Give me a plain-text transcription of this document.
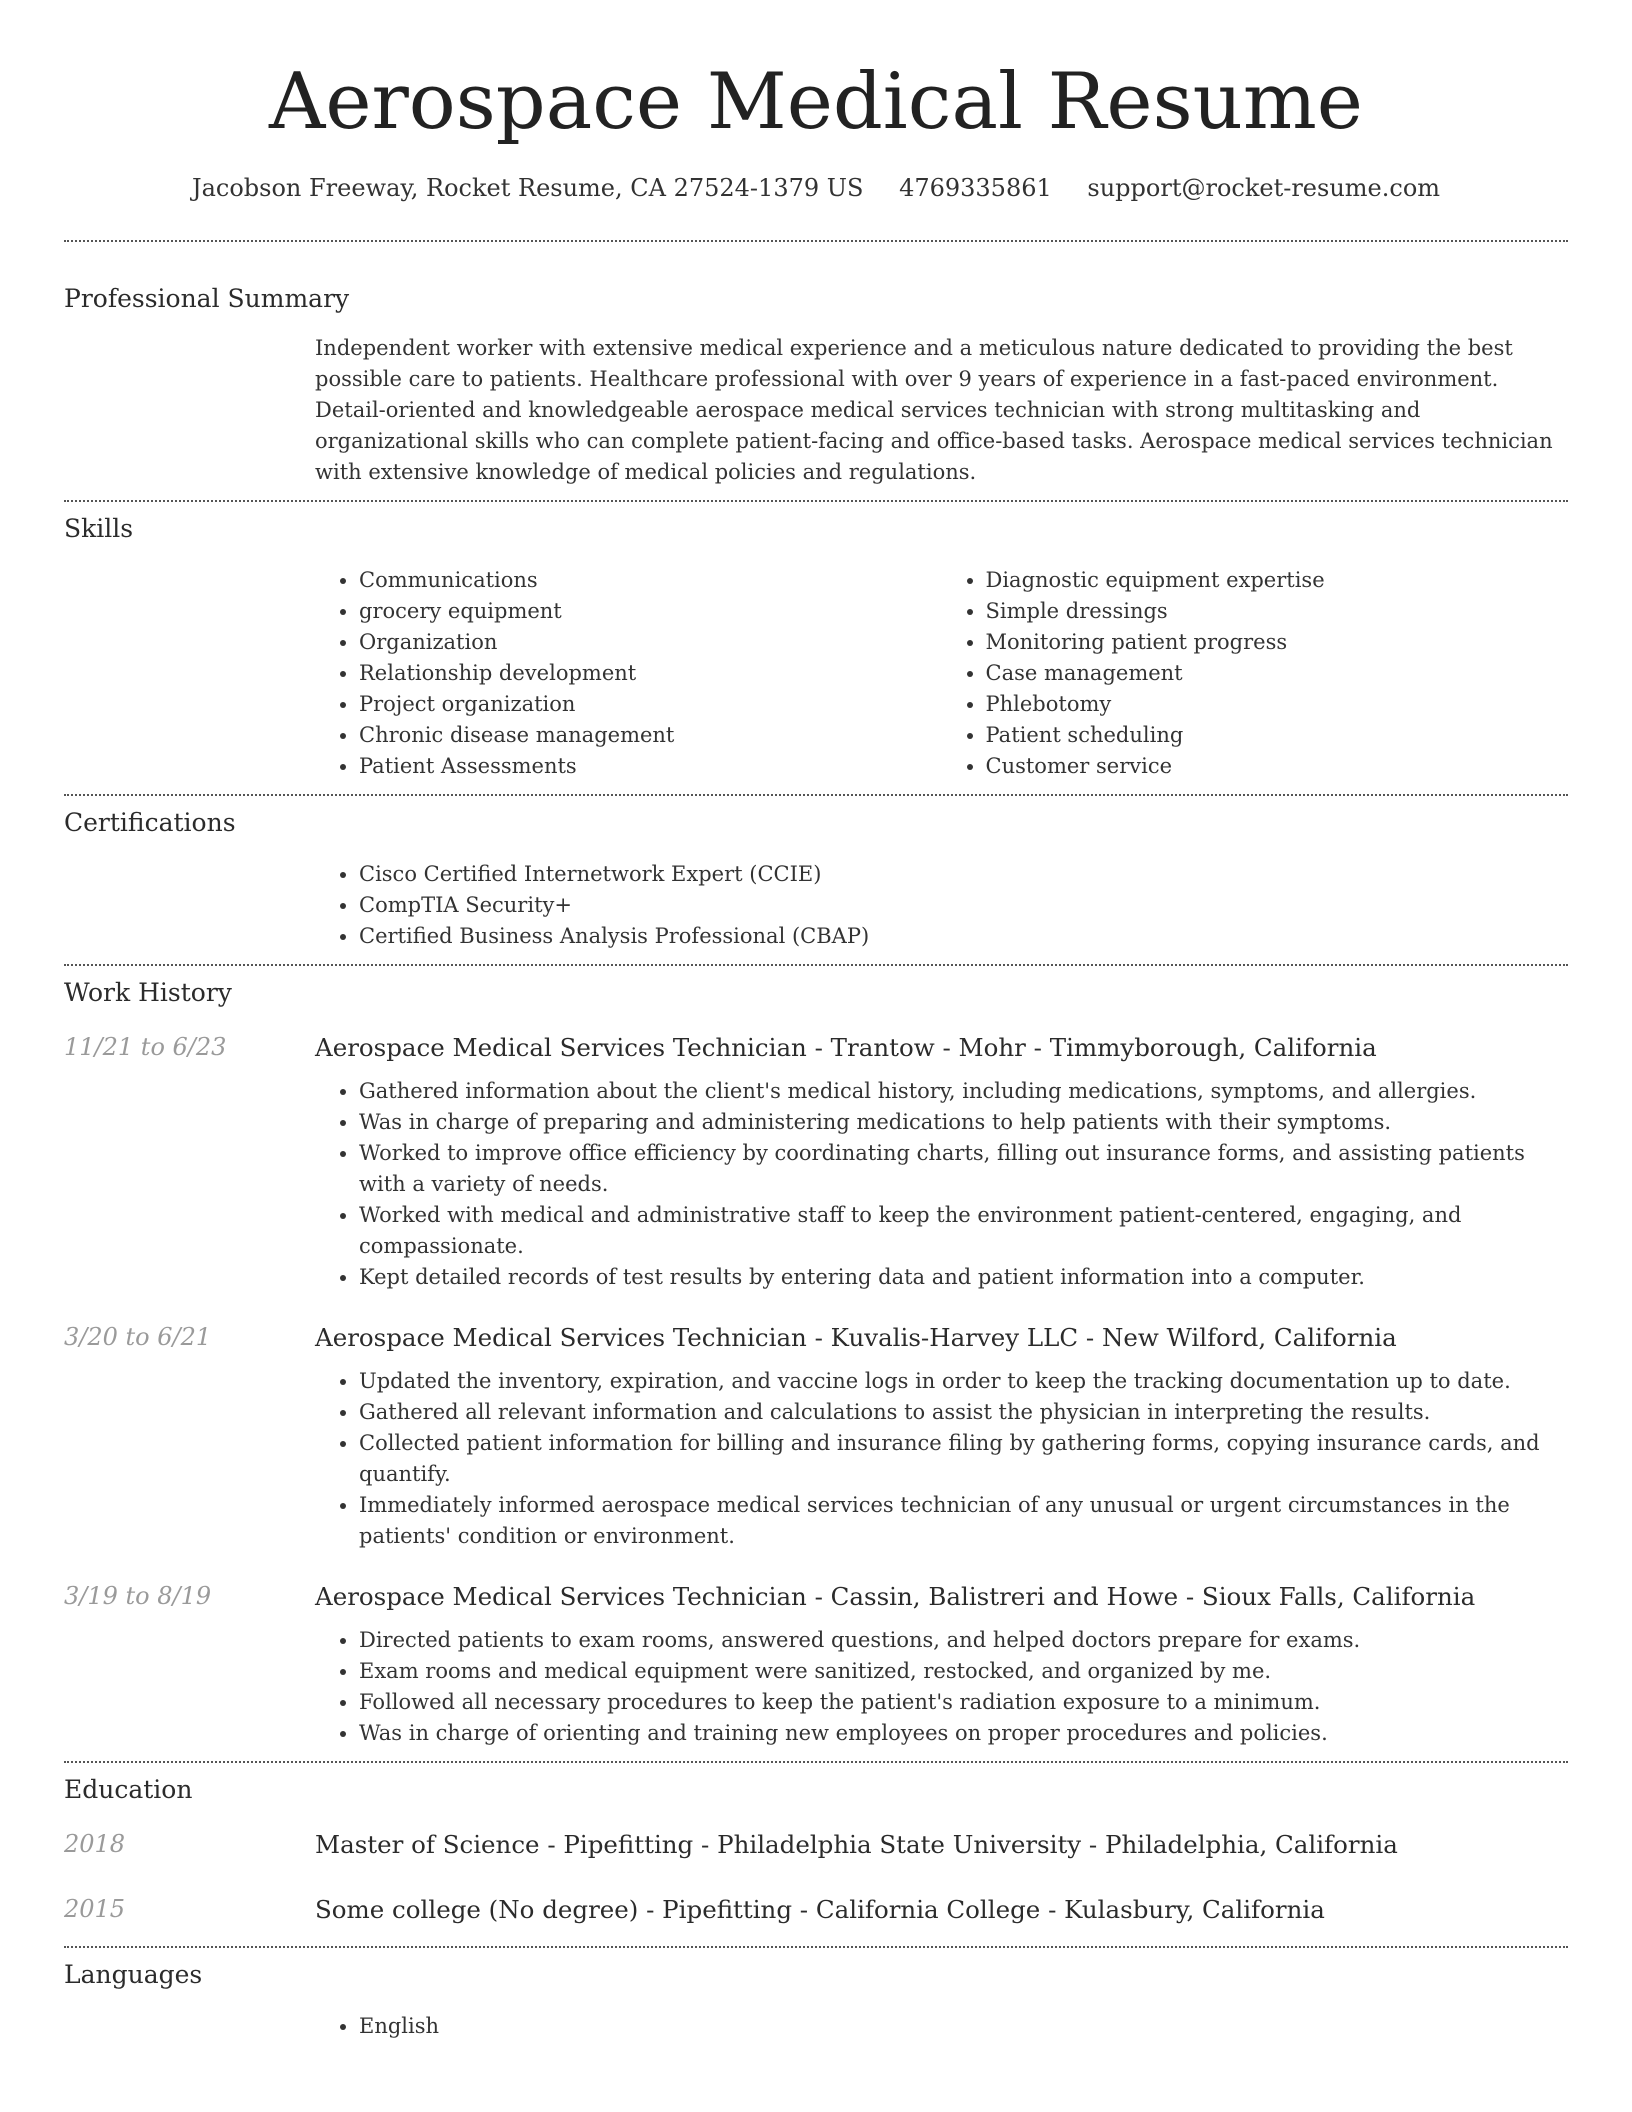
Aerospace Medical Resume
Jacobson Freeway, Rocket Resume, CA 27524-1379 US 4769335861 support@rocket-resume.com
Professional Summary
Independent worker with extensive medical experience and a meticulous nature dedicated to providing the best possible care to patients. Healthcare professional with over 9 years of experience in a fast-paced environment. Detail-oriented and knowledgeable aerospace medical services technician with strong multitasking and organizational skills who can complete patient-facing and office-based tasks. Aerospace medical services technician with extensive knowledge of medical policies and regulations.
Skills
• Communications
• grocery equipment
• Organization
• Relationship development
• Project organization
• Chronic disease management
• Patient Assessments
• Diagnostic equipment expertise
• Simple dressings
• Monitoring patient progress
• Case management
• Phlebotomy
• Patient scheduling
• Customer service
Certifications
• Cisco Certified Internetwork Expert (CCIE)
• CompTIA Security+
• Certified Business Analysis Professional (CBAP)
Work History
11/21 to 6/23	Aerospace Medical Services Technician - Trantow - Mohr - Timmyborough, California
• Gathered information about the client's medical history, including medications, symptoms, and allergies.
• Was in charge of preparing and administering medications to help patients with their symptoms.
• Worked to improve office efficiency by coordinating charts, filling out insurance forms, and assisting patients with a variety of needs.
• Worked with medical and administrative staff to keep the environment patient-centered, engaging, and compassionate.
• Kept detailed records of test results by entering data and patient information into a computer.
3/20 to 6/21	Aerospace Medical Services Technician - Kuvalis-Harvey LLC - New Wilford, California
• Updated the inventory, expiration, and vaccine logs in order to keep the tracking documentation up to date.
• Gathered all relevant information and calculations to assist the physician in interpreting the results.
• Collected patient information for billing and insurance filing by gathering forms, copying insurance cards, and quantify.
• Immediately informed aerospace medical services technician of any unusual or urgent circumstances in the patients' condition or environment.
3/19 to 8/19	Aerospace Medical Services Technician - Cassin, Balistreri and Howe - Sioux Falls, California
• Directed patients to exam rooms, answered questions, and helped doctors prepare for exams.
• Exam rooms and medical equipment were sanitized, restocked, and organized by me.
• Followed all necessary procedures to keep the patient's radiation exposure to a minimum.
• Was in charge of orienting and training new employees on proper procedures and policies.
Education
2018	Master of Science - Pipefitting - Philadelphia State University - Philadelphia, California
2015	Some college (No degree) - Pipefitting - California College - Kulasbury, California
Languages
• English
